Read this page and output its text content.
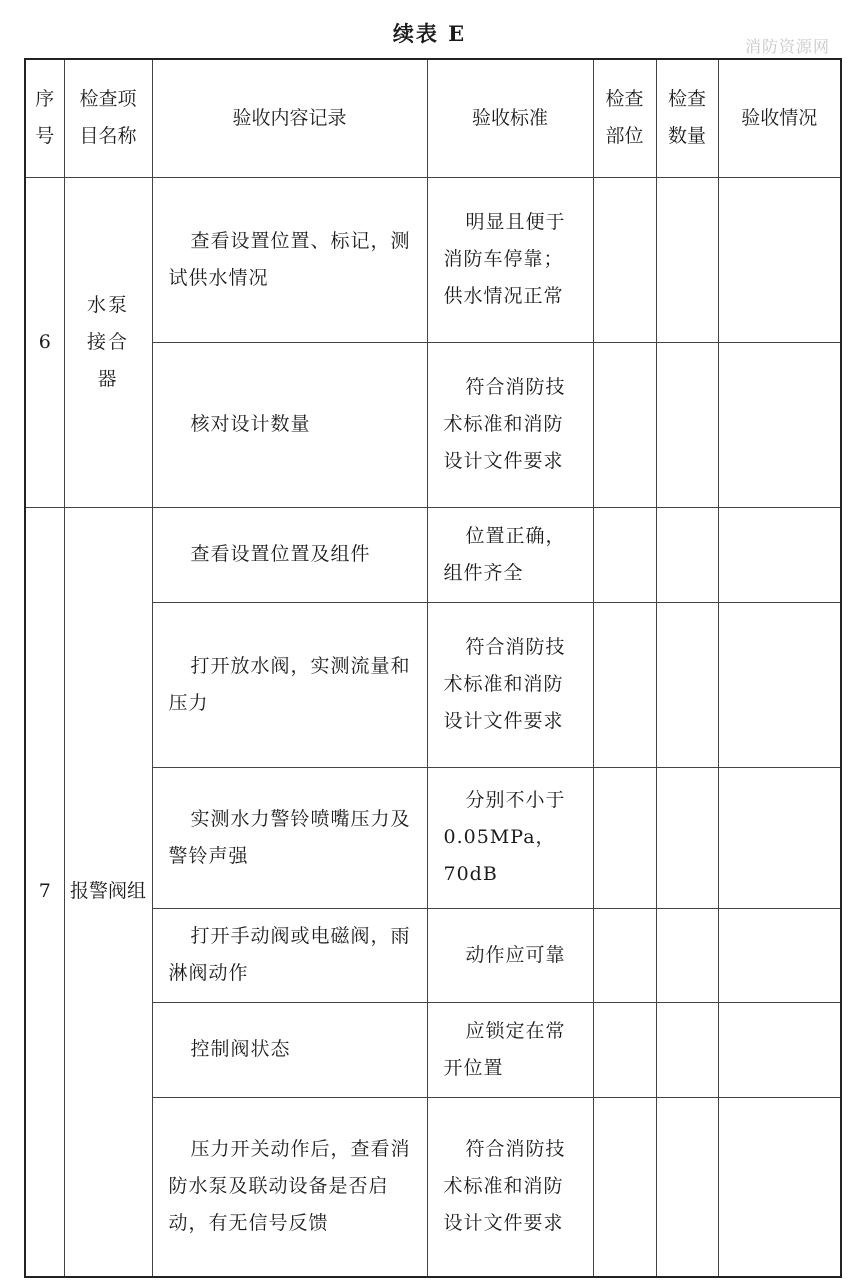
续表 E
消防资源网
序号	检查项目名称	验收内容记录	验收标准	检查部位	检查数量	验收情况
6	水泵接合器	查看设置位置、标记，测试供水情况	明显且便于消防车停靠；供水情况正常			

		核对设计数量	符合消防技术标准和消防设计文件要求			

7	报警阀组	查看设置位置及组件	位置正确，组件齐全			

		打开放水阀，实测流量和压力	符合消防技术标准和消防设计文件要求			

		实测水力警铃喷嘴压力及警铃声强	分别不小于0.05MPa，70dB			

		打开手动阀或电磁阀，雨淋阀动作	动作应可靠			

		控制阀状态	应锁定在常开位置			

		压力开关动作后，查看消防水泵及联动设备是否启动，有无信号反馈	符合消防技术标准和消防设计文件要求			
